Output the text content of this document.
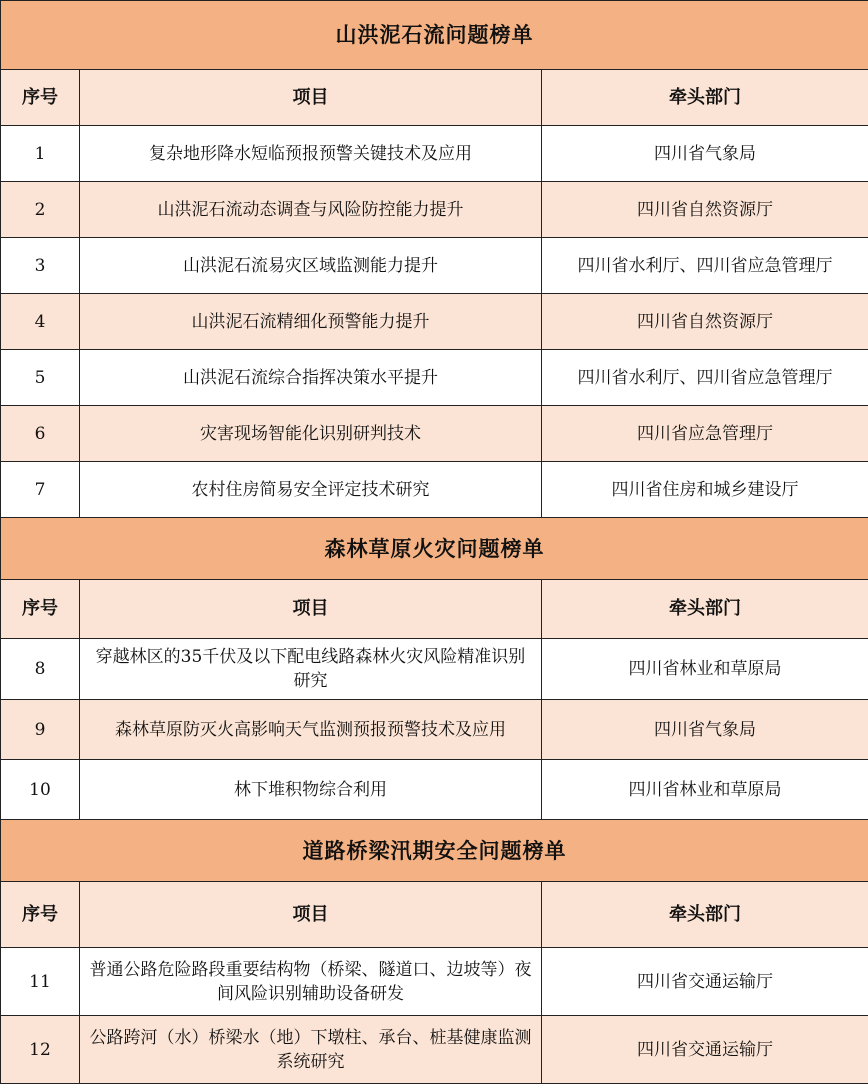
山洪泥石流问题榜单		
序号	项目	牵头部门
1	复杂地形降水短临预报预警关键技术及应用	四川省气象局
2	山洪泥石流动态调查与风险防控能力提升	四川省自然资源厅
3	山洪泥石流易灾区域监测能力提升	四川省水利厅、四川省应急管理厅
4	山洪泥石流精细化预警能力提升	四川省自然资源厅
5	山洪泥石流综合指挥决策水平提升	四川省水利厅、四川省应急管理厅
6	灾害现场智能化识别研判技术	四川省应急管理厅
7	农村住房简易安全评定技术研究	四川省住房和城乡建设厅
森林草原火灾问题榜单		
序号	项目	牵头部门
8	穿越林区的35千伏及以下配电线路森林火灾风险精准识别研究	四川省林业和草原局
9	森林草原防灭火高影响天气监测预报预警技术及应用	四川省气象局
10	林下堆积物综合利用	四川省林业和草原局
道路桥梁汛期安全问题榜单		
序号	项目	牵头部门
11	普通公路危险路段重要结构物（桥梁、隧道口、边坡等）夜间风险识别辅助设备研发	四川省交通运输厅
12	公路跨河（水）桥梁水（地）下墩柱、承台、桩基健康监测系统研究	四川省交通运输厅
